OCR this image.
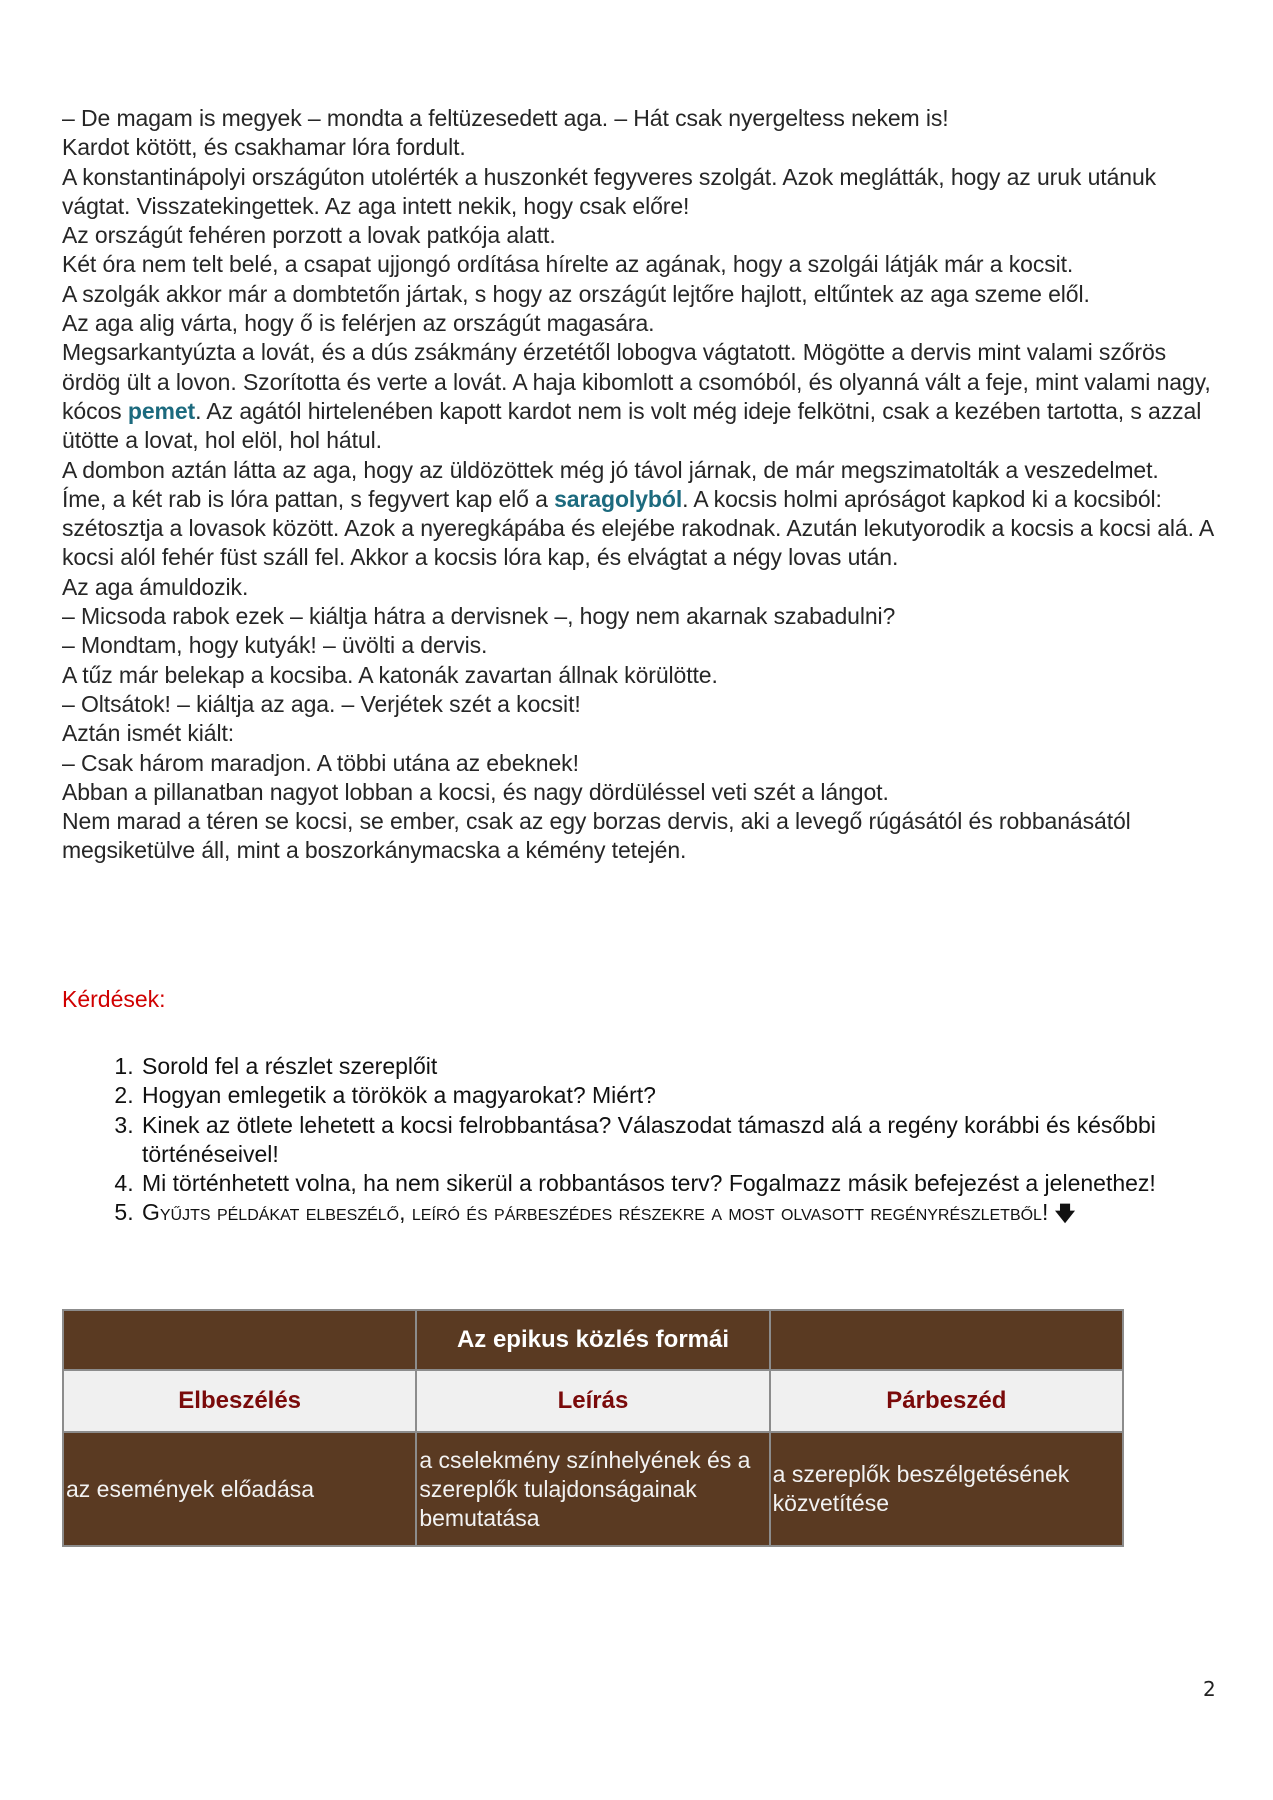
– De magam is megyek – mondta a feltüzesedett aga. – Hát csak nyergeltess nekem is!

Kardot kötött, és csakhamar lóra fordult.

A konstantinápolyi országúton utolérték a huszonkét fegyveres szolgát. Azok meglátták, hogy az uruk utánuk vágtat. Visszatekingettek. Az aga intett nekik, hogy csak előre!

Az országút fehéren porzott a lovak patkója alatt.

Két óra nem telt belé, a csapat ujjongó ordítása hírelte az agának, hogy a szolgái látják már a kocsit.

A szolgák akkor már a dombtetőn jártak, s hogy az országút lejtőre hajlott, eltűntek az aga szeme elől.

Az aga alig várta, hogy ő is felérjen az országút magasára.

Megsarkantyúzta a lovát, és a dús zsákmány érzetétől lobogva vágtatott. Mögötte a dervis mint valami szőrös ördög ült a lovon. Szorította és verte a lovát. A haja kibomlott a csomóból, és olyanná vált a feje, mint valami nagy, kócos pemet. Az agától hirtelenében kapott kardot nem is volt még ideje felkötni, csak a kezében tartotta, s azzal ütötte a lovat, hol elöl, hol hátul.

A dombon aztán látta az aga, hogy az üldözöttek még jó távol járnak, de már megszimatolták a veszedelmet.

Íme, a két rab is lóra pattan, s fegyvert kap elő a saragolyból. A kocsis holmi apróságot kapkod ki a kocsiból: szétosztja a lovasok között. Azok a nyeregkápába és elejébe rakodnak. Azután lekutyorodik a kocsis a kocsi alá. A kocsi alól fehér füst száll fel. Akkor a kocsis lóra kap, és elvágtat a négy lovas után.

Az aga ámuldozik.

– Micsoda rabok ezek – kiáltja hátra a dervisnek –, hogy nem akarnak szabadulni?

– Mondtam, hogy kutyák! – üvölti a dervis.

A tűz már belekap a kocsiba. A katonák zavartan állnak körülötte.

– Oltsátok! – kiáltja az aga. – Verjétek szét a kocsit!

Aztán ismét kiált:

– Csak három maradjon. A többi utána az ebeknek!

Abban a pillanatban nagyot lobban a kocsi, és nagy dördüléssel veti szét a lángot.

Nem marad a téren se kocsi, se ember, csak az egy borzas dervis, aki a levegő rúgásától és robbanásától megsiketülve áll, mint a boszorkánymacska a kémény tetején.

Kérdések:

1. Sorold fel a részlet szereplőit
2. Hogyan emlegetik a törökök a magyarokat? Miért?
3. Kinek az ötlete lehetett a kocsi felrobbantása? Válaszodat támaszd alá a regény korábbi és későbbi történéseivel!
4. Mi történhetett volna, ha nem sikerül a robbantásos terv? Fogalmazz másik befejezést a jelenethez!
5. Gyűjts példákat elbeszélő, leíró és párbeszédes részekre a most olvasott regényrészletből! 🡇
	Az epikus közlés formái	
Elbeszélés	Leírás	Párbeszéd
az események előadása	a cselekmény színhelyének és a szereplők tulajdonságainak bemutatása	a szereplők beszélgetésének közvetítése
2
